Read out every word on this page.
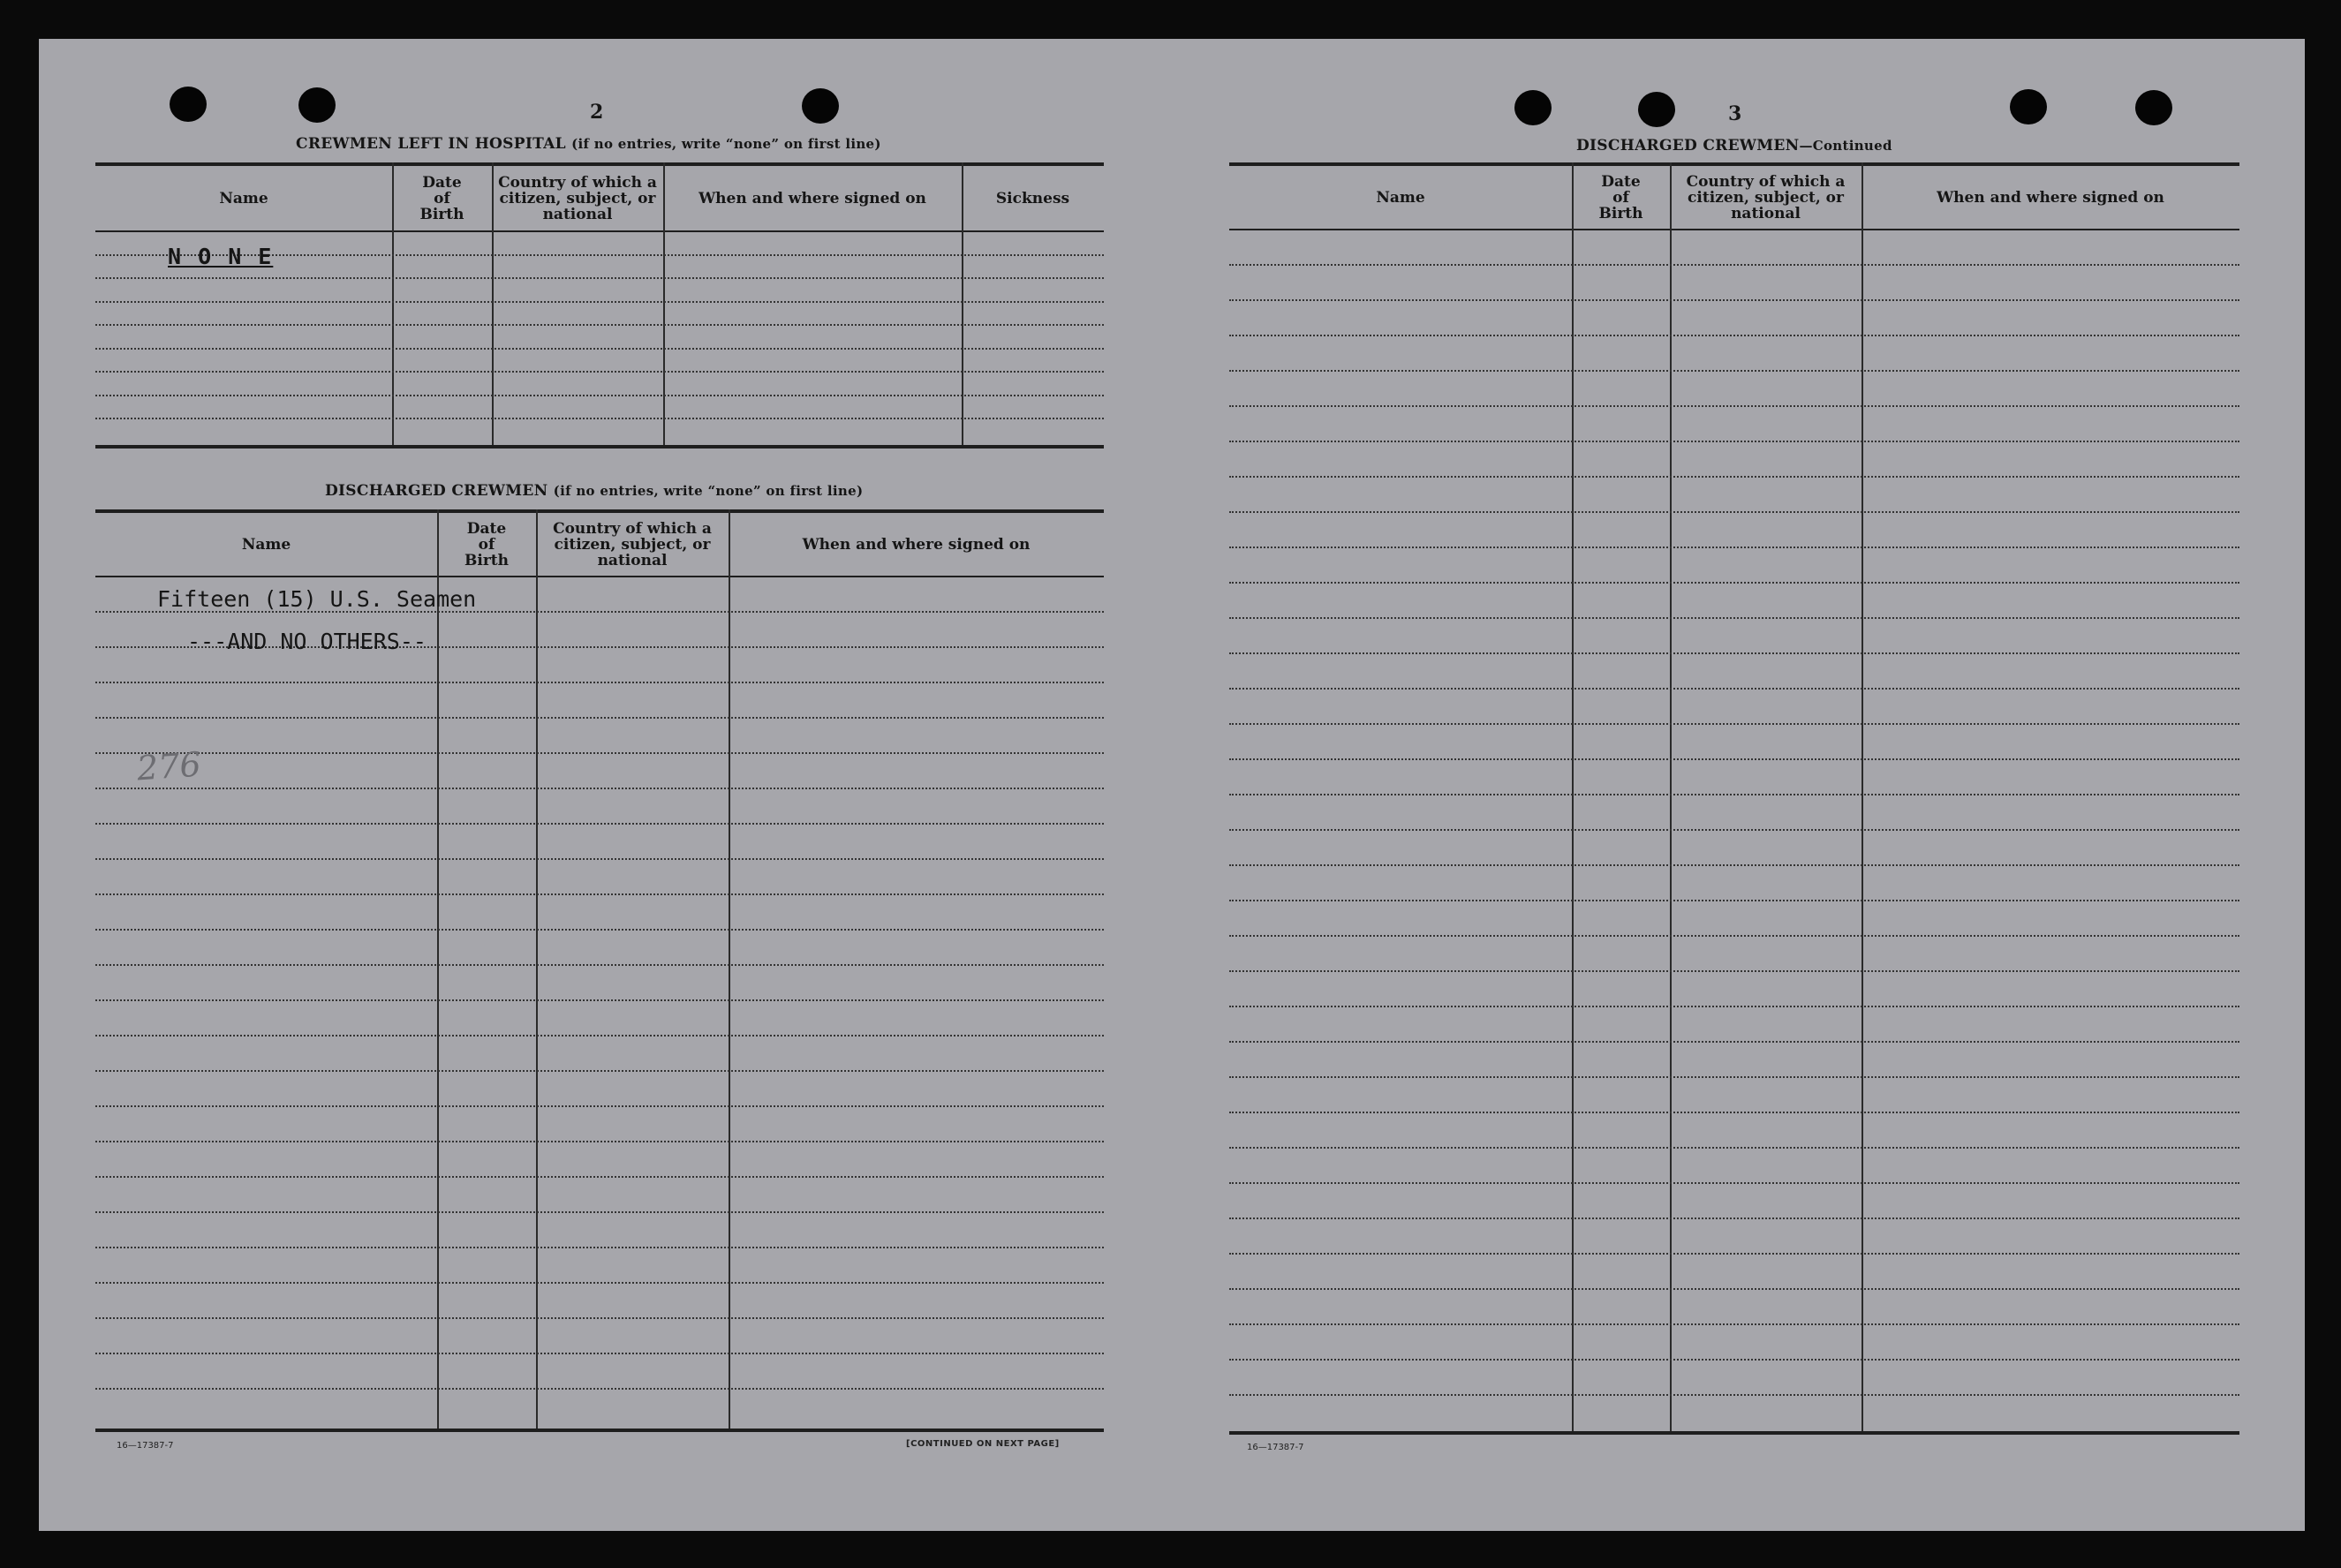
2
CREWMEN LEFT IN HOSPITAL (if no entries, write “none” on first line)
Name
Date of Birth
Country of which a citizen, subject, or national
When and where signed on	Sickness
DISCHARGED CREWMEN (if no entries, write “none” on first line)
Name
Date of Birth
Country of which a citizen, subject, or national
When and where signed on
N O N E
Fifteen (15) U.S. Seamen
---AND NO OTHERS--
276
16—17387-7	[CONTINUED ON NEXT PAGE]
3
DISCHARGED CREWMEN—Continued
Name
Date of Birth
Country of which a citizen, subject, or national
When and where signed on
16—17387-7
